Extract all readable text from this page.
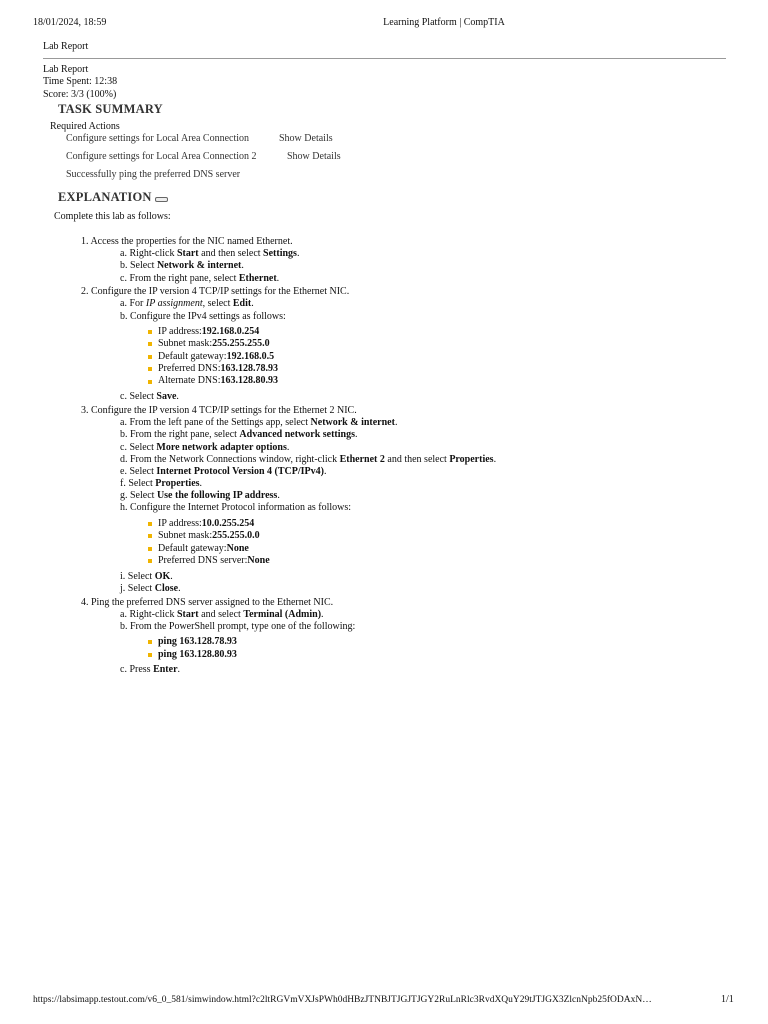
18/01/2024, 18:59	Learning Platform | CompTIA
Lab Report
Lab Report
Time Spent: 12:38
Score: 3/3 (100%)
TASK SUMMARY
Required Actions
Configure settings for Local Area Connection	Show Details
Configure settings for Local Area Connection 2	Show Details
Successfully ping the preferred DNS server
EXPLANATION
Complete this lab as follows:
1. Access the properties for the NIC named Ethernet.
a. Right-click Start and then select Settings.
b. Select Network & internet.
c. From the right pane, select Ethernet.
2. Configure the IP version 4 TCP/IP settings for the Ethernet NIC.
a. For IP assignment, select Edit.
b. Configure the IPv4 settings as follows:
IP address: 192.168.0.254
Subnet mask: 255.255.255.0
Default gateway: 192.168.0.5
Preferred DNS: 163.128.78.93
Alternate DNS: 163.128.80.93
c. Select Save.
3. Configure the IP version 4 TCP/IP settings for the Ethernet 2 NIC.
a. From the left pane of the Settings app, select Network & internet.
b. From the right pane, select Advanced network settings.
c. Select More network adapter options.
d. From the Network Connections window, right-click Ethernet 2 and then select Properties.
e. Select Internet Protocol Version 4 (TCP/IPv4).
f. Select Properties.
g. Select Use the following IP address.
h. Configure the Internet Protocol information as follows:
IP address: 10.0.255.254
Subnet mask: 255.255.0.0
Default gateway: None
Preferred DNS server: None
i. Select OK.
j. Select Close.
4. Ping the preferred DNS server assigned to the Ethernet NIC.
a. Right-click Start and select Terminal (Admin).
b. From the PowerShell prompt, type one of the following:
ping 163.128.78.93
ping 163.128.80.93
c. Press Enter.
https://labsimapp.testout.com/v6_0_581/simwindow.html?c2ltRGVmVXJsPWh0dHBzJTNBJTJGJTJGY2RuLnRlc3RvdXQuY29tJTJGX3ZlcnNpb25fODAxN…	1/1
